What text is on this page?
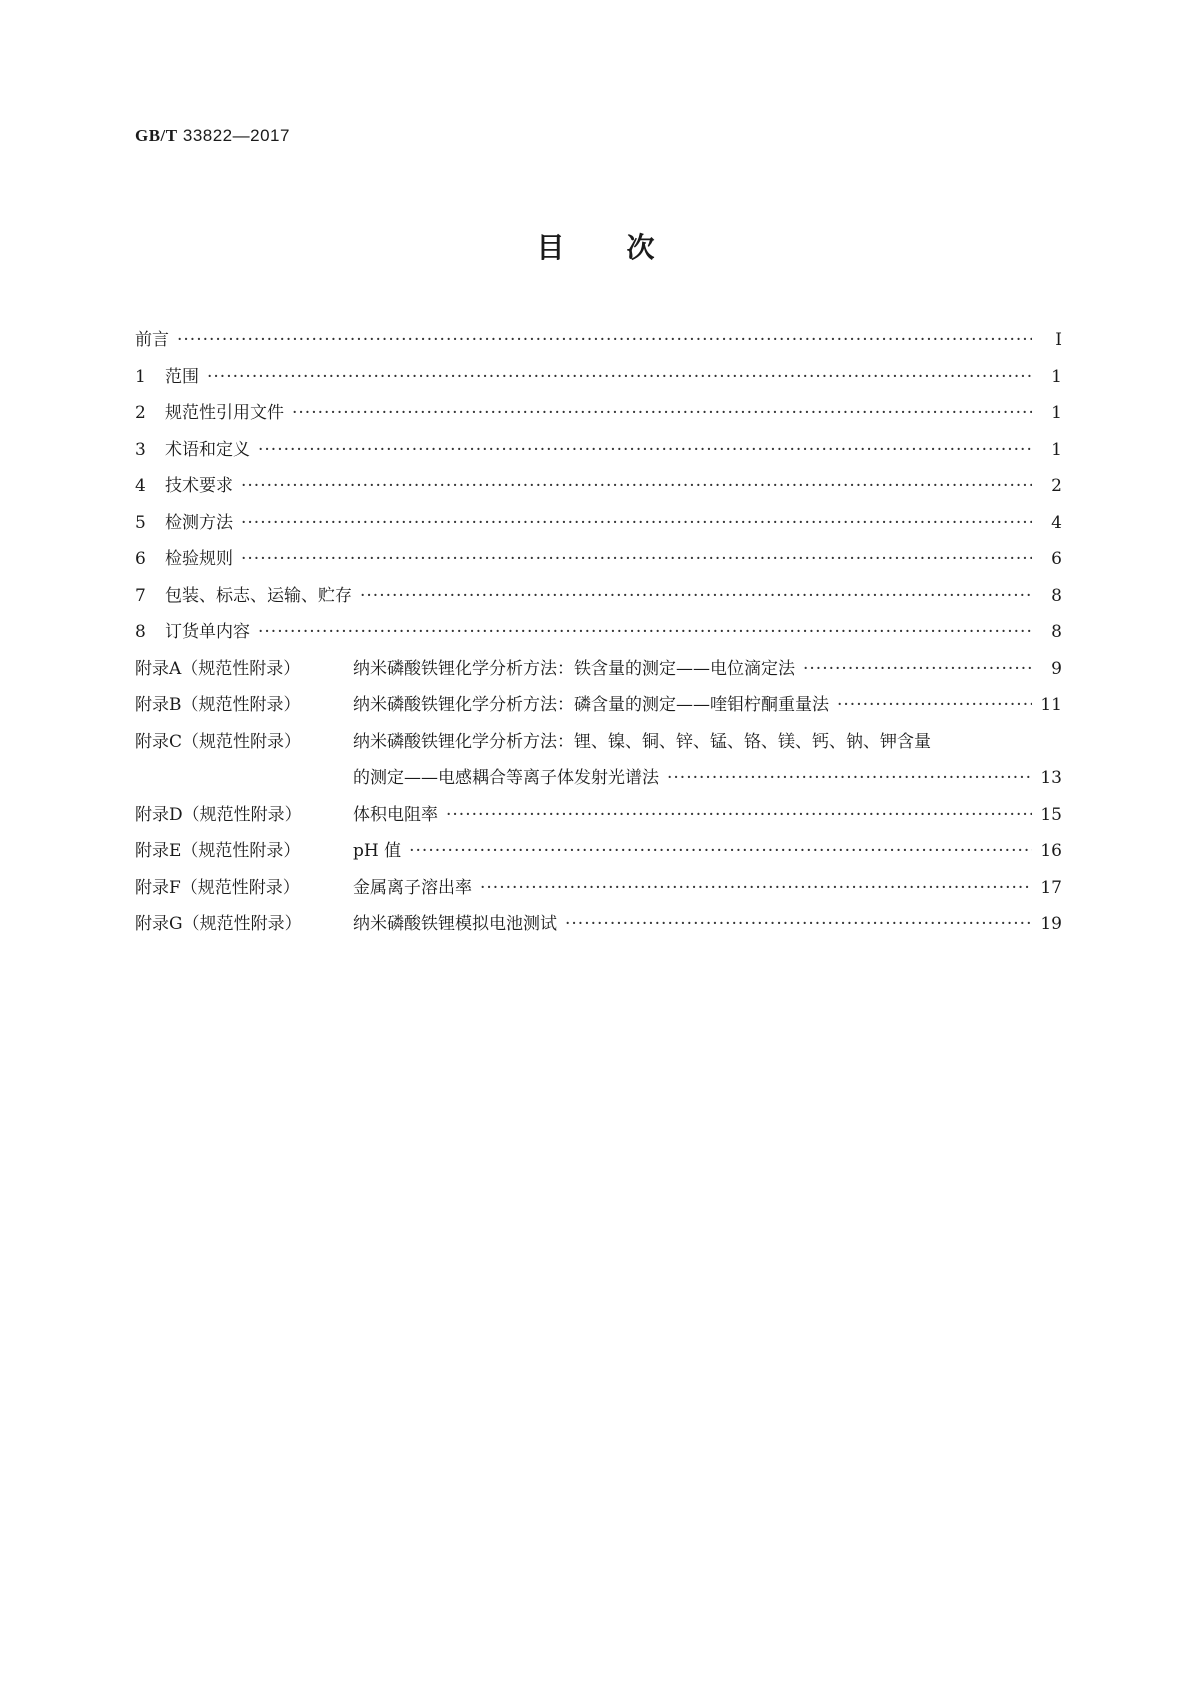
GB/T 33822—2017
目次
前言 ·····	Ⅰ
1 范围 ·····	1
2 规范性引用文件 ·····	1
3 术语和定义 ·····	1
4 技术要求 ·····	2
5 检测方法 ·····	4
6 检验规则 ·····	6
7 包装、标志、运输、贮存 ·····	8
8 订货单内容 ·····	8
附录A（规范性附录）	纳米磷酸铁锂化学分析方法：铁含量的测定——电位滴定法 ·····	9
附录B（规范性附录）	纳米磷酸铁锂化学分析方法：磷含量的测定——喹钼柠酮重量法 ·····	11
附录C（规范性附录）	纳米磷酸铁锂化学分析方法：锂、镍、铜、锌、锰、铬、镁、钙、钠、钾含量
的测定——电感耦合等离子体发射光谱法 ·····	13
附录D（规范性附录）	体积电阻率 ·····	15
附录E（规范性附录）	pH 值 ·····	16
附录F（规范性附录）	金属离子溶出率 ·····	17
附录G（规范性附录）	纳米磷酸铁锂模拟电池测试 ·····	19
